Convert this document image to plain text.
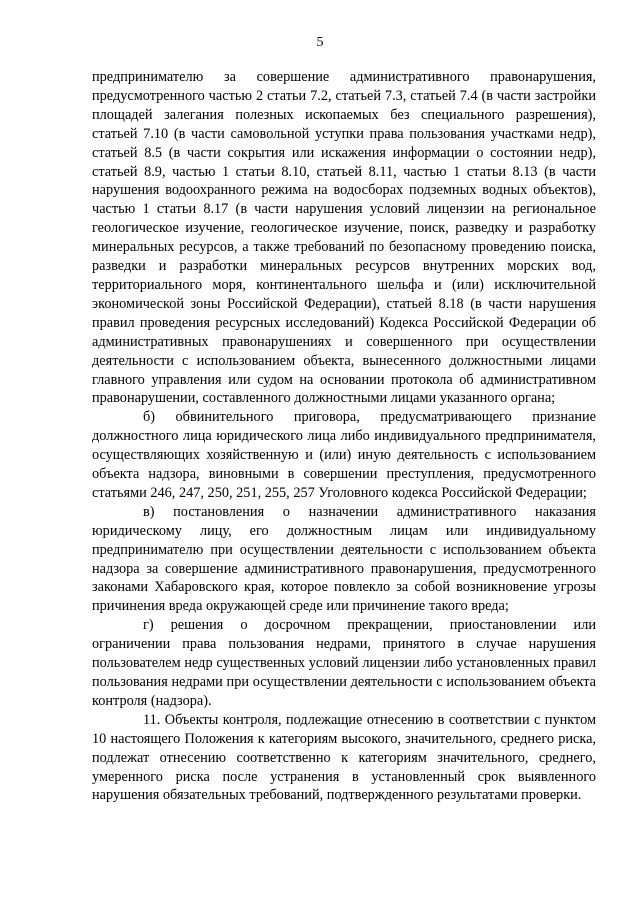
5

предпринимателю за совершение административного правонарушения, предусмотренного частью 2 статьи 7.2, статьей 7.3, статьей 7.4 (в части застройки площадей залегания полезных ископаемых без специального разрешения), статьей 7.10 (в части самовольной уступки права пользования участками недр), статьей 8.5 (в части сокрытия или искажения информации о состоянии недр), статьей 8.9, частью 1 статьи 8.10, статьей 8.11, частью 1 статьи 8.13 (в части нарушения водоохранного режима на водосборах подземных водных объектов), частью 1 статьи 8.17 (в части нарушения условий лицензии на региональное геологическое изучение, геологическое изучение, поиск, разведку и разработку минеральных ресурсов, а также требований по безопасному проведению поиска, разведки и разработки минеральных ресурсов внутренних морских вод, территориального моря, континентального шельфа и (или) исключительной экономической зоны Российской Федерации), статьей 8.18 (в части нарушения правил проведения ресурсных исследований) Кодекса Российской Федерации об административных правонарушениях и совершенного при осуществлении деятельности с использованием объекта, вынесенного должностными лицами главного управления или судом на основании протокола об административном правонарушении, составленного должностными лицами указанного органа;

б) обвинительного приговора, предусматривающего признание должностного лица юридического лица либо индивидуального предпринимателя, осуществляющих хозяйственную и (или) иную деятельность с использованием объекта надзора, виновными в совершении преступления, предусмотренного статьями 246, 247, 250, 251, 255, 257 Уголовного кодекса Российской Федерации;

в) постановления о назначении административного наказания юридическому лицу, его должностным лицам или индивидуальному предпринимателю при осуществлении деятельности с использованием объекта надзора за совершение административного правонарушения, предусмотренного законами Хабаровского края, которое повлекло за собой возникновение угрозы причинения вреда окружающей среде или причинение такого вреда;

г) решения о досрочном прекращении, приостановлении или ограничении права пользования недрами, принятого в случае нарушения пользователем недр существенных условий лицензии либо установленных правил пользования недрами при осуществлении деятельности с использованием объекта контроля (надзора).

11. Объекты контроля, подлежащие отнесению в соответствии с пунктом 10 настоящего Положения к категориям высокого, значительного, среднего риска, подлежат отнесению соответственно к категориям значительного, среднего, умеренного риска после устранения в установленный срок выявленного нарушения обязательных требований, подтвержденного результатами проверки.
